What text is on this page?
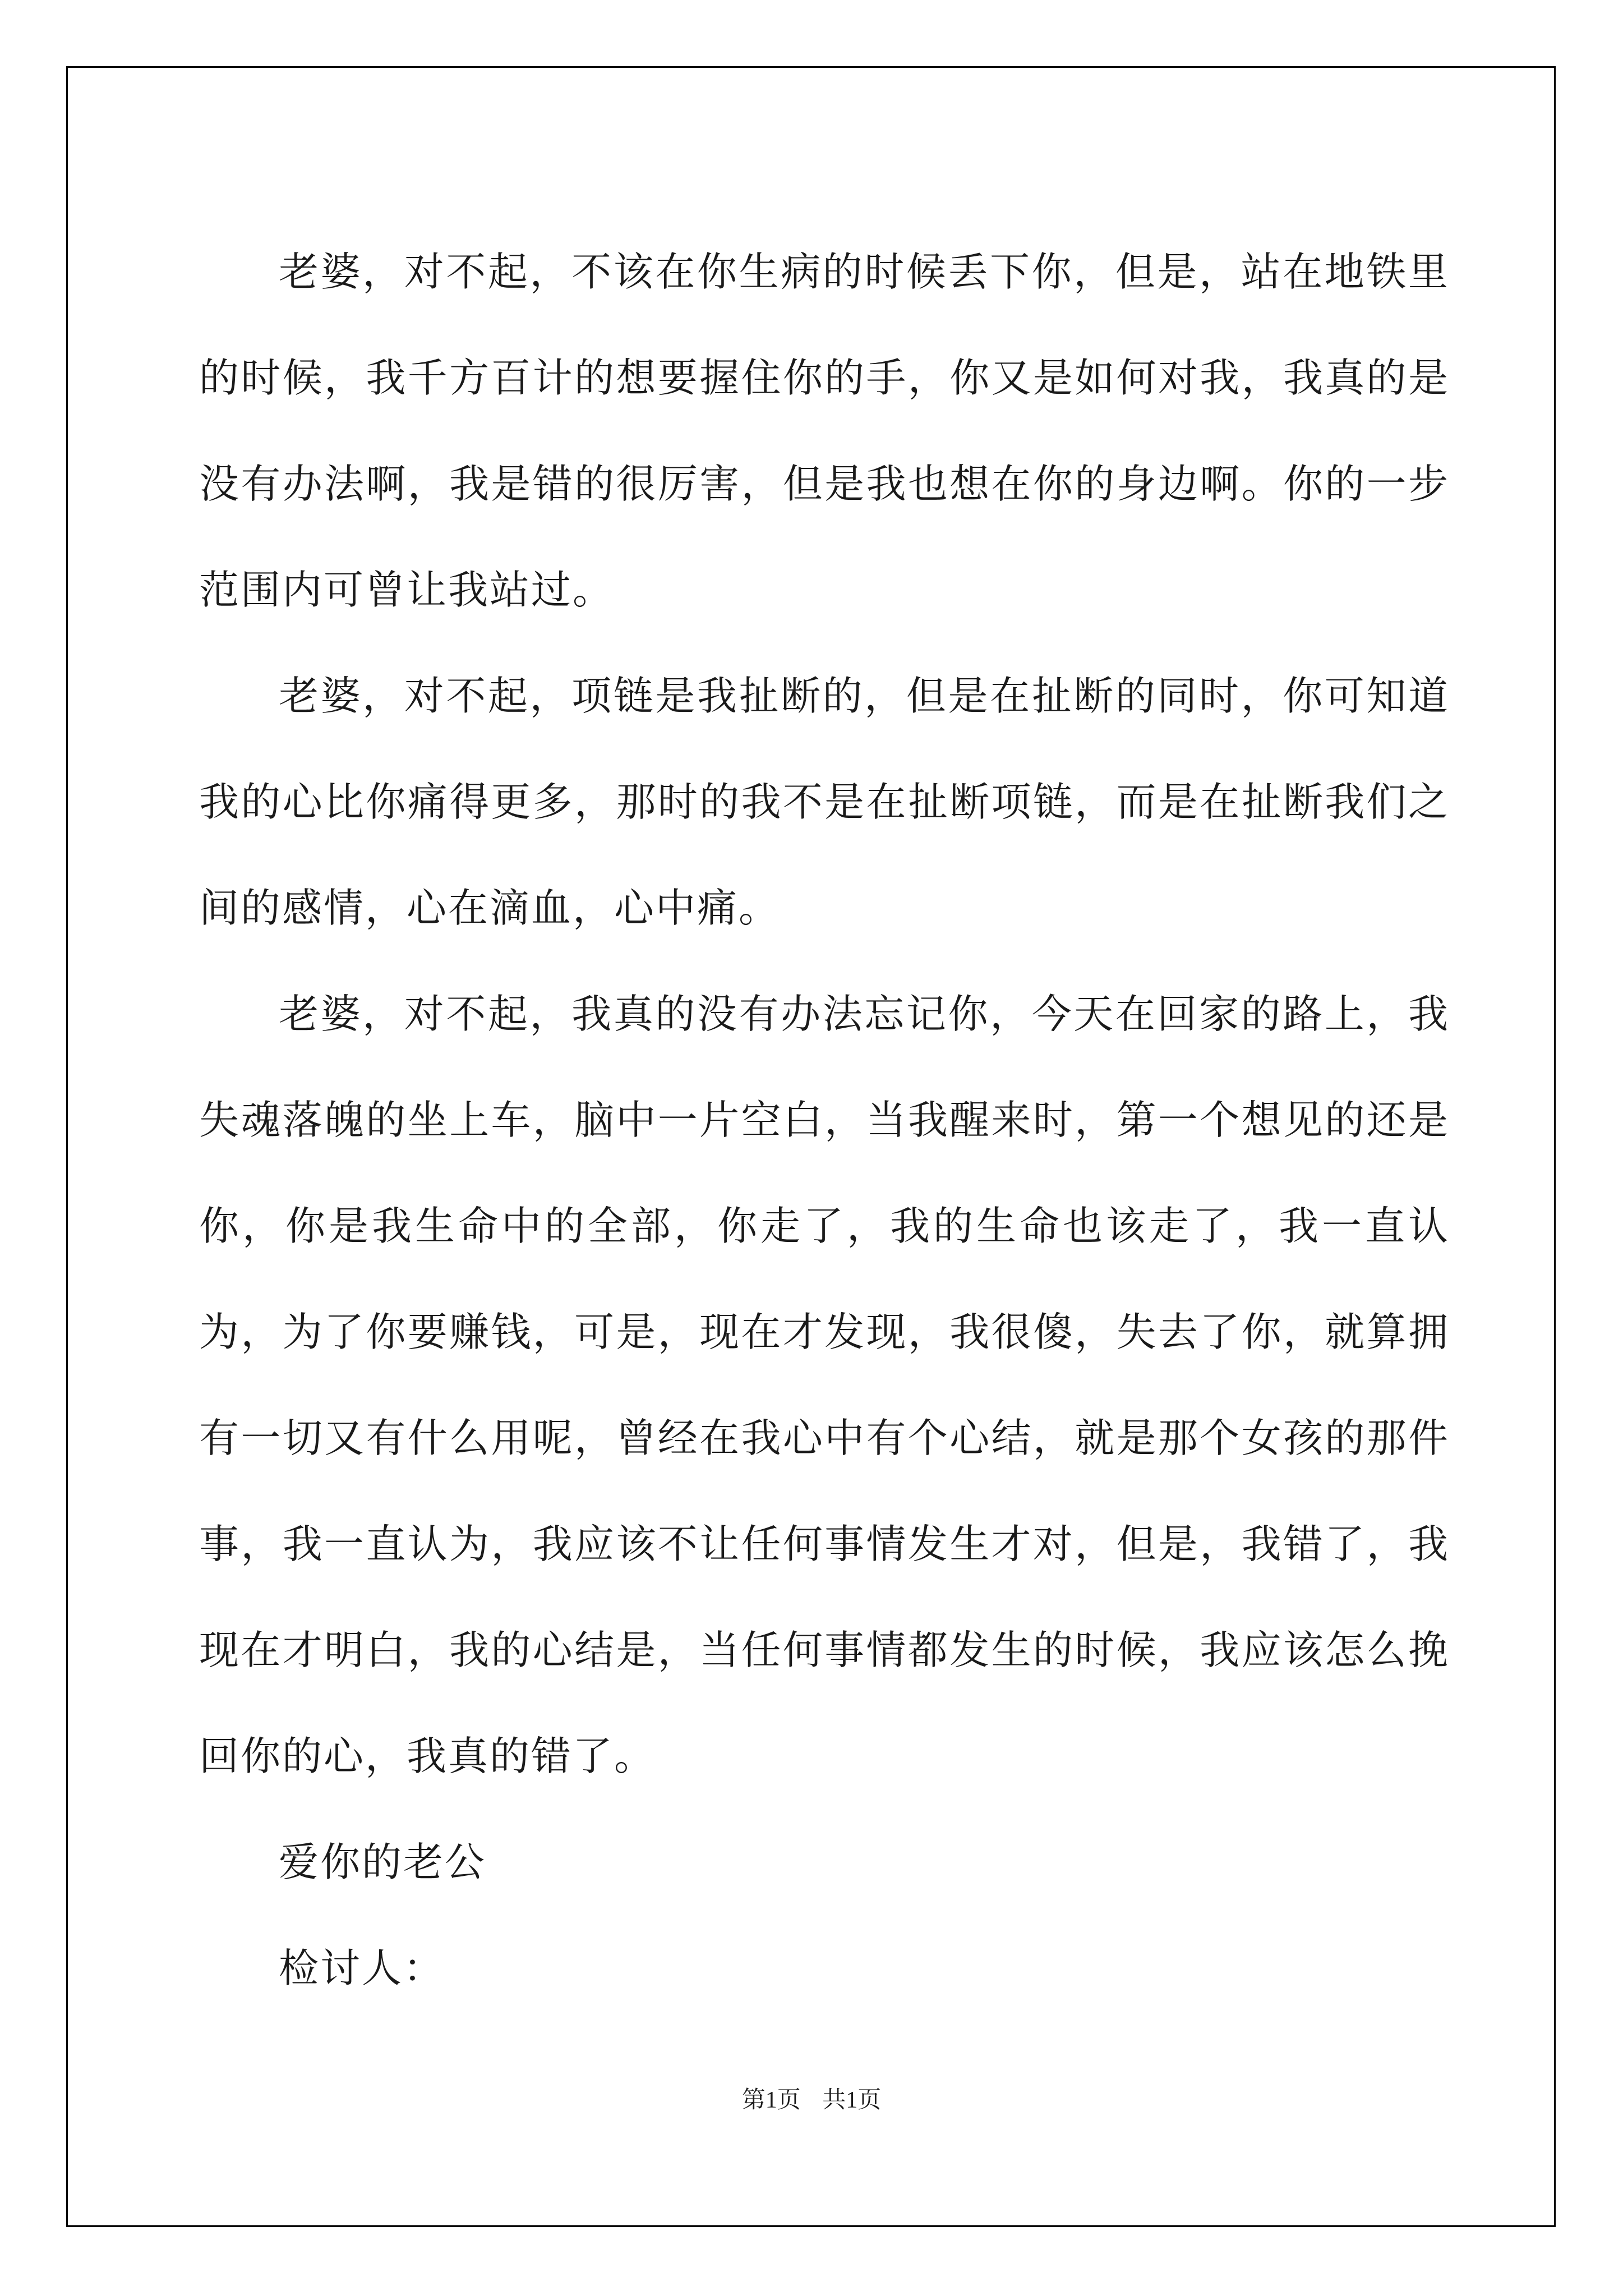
老婆，对不起，不该在你生病的时候丢下你，但是，站在地铁里的时候，我千方百计的想要握住你的手，你又是如何对我，我真的是没有办法啊，我是错的很厉害，但是我也想在你的身边啊。你的一步范围内可曾让我站过。

老婆，对不起，项链是我扯断的，但是在扯断的同时，你可知道我的心比你痛得更多，那时的我不是在扯断项链，而是在扯断我们之间的感情，心在滴血，心中痛。

老婆，对不起，我真的没有办法忘记你，今天在回家的路上，我失魂落魄的坐上车，脑中一片空白，当我醒来时，第一个想见的还是你，你是我生命中的全部，你走了，我的生命也该走了，我一直认为，为了你要赚钱，可是，现在才发现，我很傻，失去了你，就算拥有一切又有什么用呢，曾经在我心中有个心结，就是那个女孩的那件事，我一直认为，我应该不让任何事情发生才对，但是，我错了，我现在才明白，我的心结是，当任何事情都发生的时候，我应该怎么挽回你的心，我真的错了。

爱你的老公

检讨人：

第1页 共1页
